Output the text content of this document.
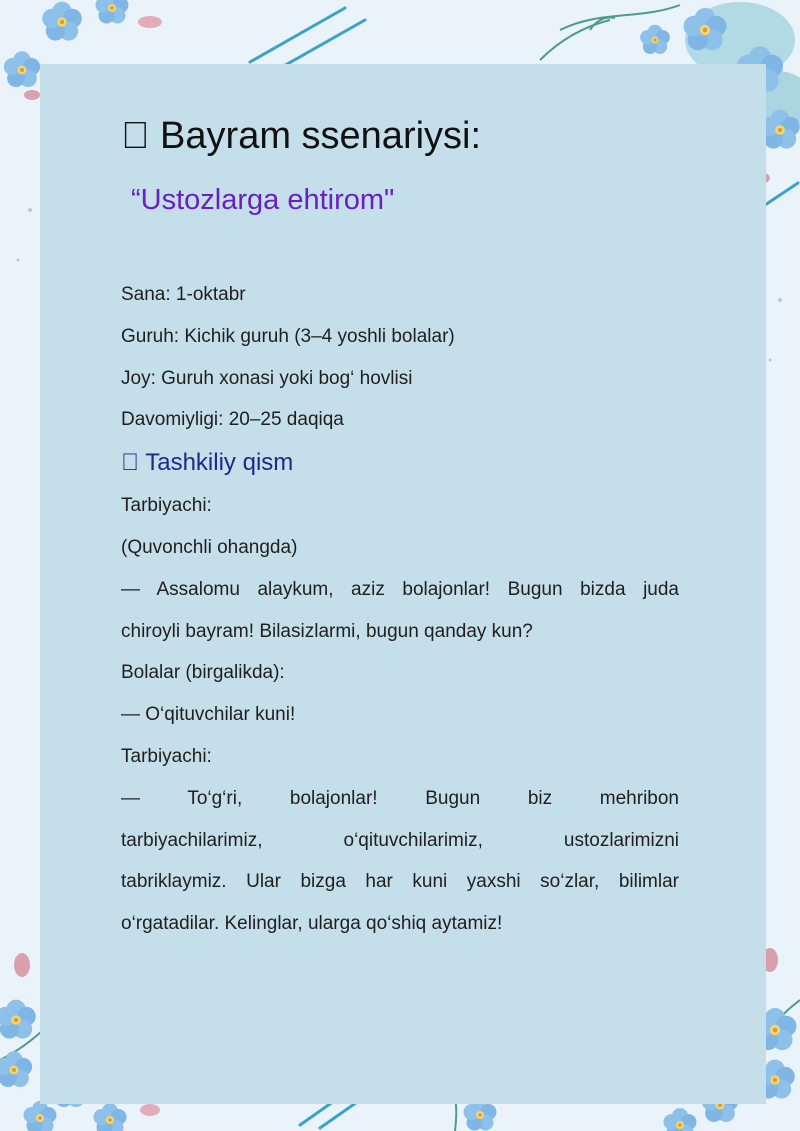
  Bayram ssenariysi:
“Ustozlarga ehtirom"
Sana: 1-oktabr
Guruh: Kichik guruh (3–4 yoshli bolalar)
Joy: Guruh xonasi yoki bog‘ hovlisi
Davomiyligi: 20–25 daqiqa
  Tashkiliy qism
Tarbiyachi:
(Quvonchli ohangda)
— Assalomu alaykum, aziz bolajonlar! Bugun bizda juda
chiroyli bayram! Bilasizlarmi, bugun qanday kun?
Bolalar (birgalikda):
— O‘qituvchilar kuni!
Tarbiyachi:
— To‘g‘ri, bolajonlar! Bugun biz mehribon
tarbiyachilarimiz, o‘qituvchilarimiz, ustozlarimizni
tabriklaymiz. Ular bizga har kuni yaxshi so‘zlar, bilimlar
o‘rgatadilar. Kelinglar, ularga qo‘shiq aytamiz!
